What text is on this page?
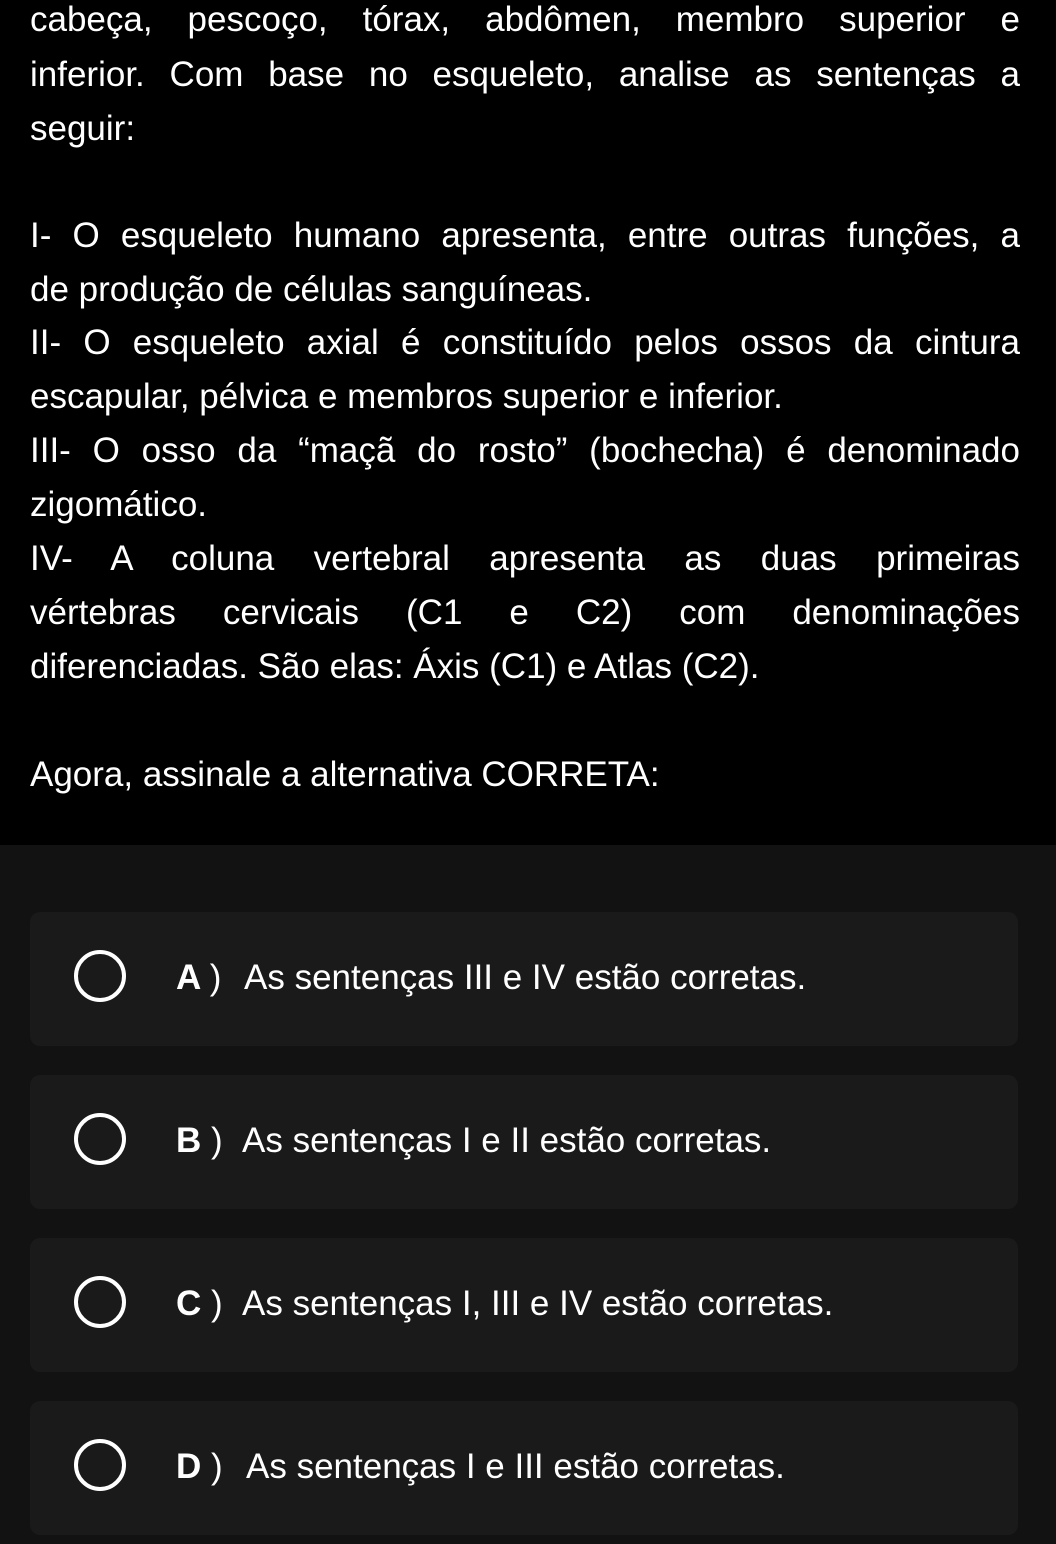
cabeça, pescoço, tórax, abdômen, membro superior e
inferior. Com base no esqueleto, analise as sentenças a
seguir:
I- O esqueleto humano apresenta, entre outras funções, a
de produção de células sanguíneas.
II- O esqueleto axial é constituído pelos ossos da cintura
escapular, pélvica e membros superior e inferior.
III- O osso da “maçã do rosto” (bochecha) é denominado
zigomático.
IV- A coluna vertebral apresenta as duas primeiras
vértebras cervicais (C1 e C2) com denominações
diferenciadas. São elas: Áxis (C1) e Atlas (C2).
Agora, assinale a alternativa CORRETA:
A ) As sentenças III e IV estão corretas.
B ) As sentenças I e II estão corretas.
C ) As sentenças I, III e IV estão corretas.
D ) As sentenças I e III estão corretas.
